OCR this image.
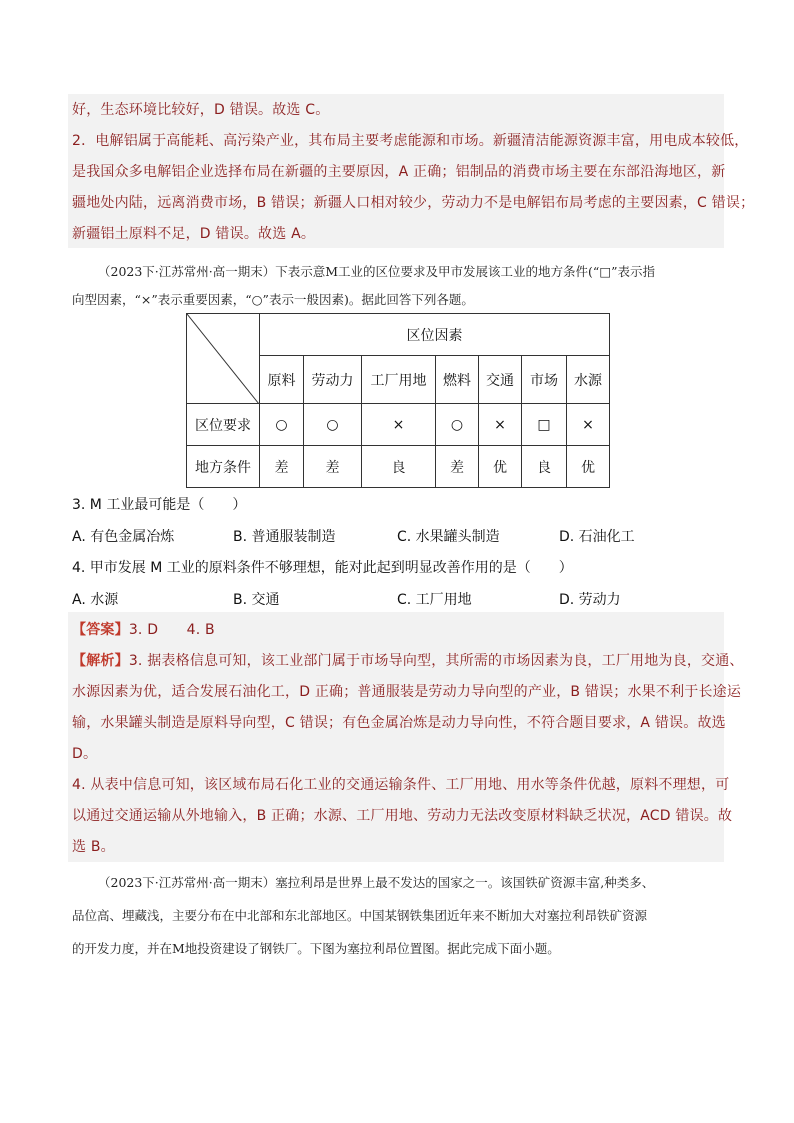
好，生态环境比较好，D 错误。故选 C。

2．电解铝属于高能耗、高污染产业，其布局主要考虑能源和市场。新疆清洁能源资源丰富，用电成本较低，

是我国众多电解铝企业选择布局在新疆的主要原因，A 正确；铝制品的消费市场主要在东部沿海地区，新

疆地处内陆，远离消费市场，B 错误；新疆人口相对较少，劳动力不是电解铝布局考虑的主要因素，C 错误；

新疆铝土原料不足，D 错误。故选 A。

（2023下·江苏常州·高一期末）下表示意M工业的区位要求及甲市发展该工业的地方条件(“□”表示指
向型因素，“×”表示重要因素，“○”表示一般因素)。据此回答下列各题。
	区位因素						
	原料	劳动力	工厂用地	燃料	交通	市场	水源
区位要求	○	○	×	○	×	□	×
地方条件	差	差	良	差	优	良	优
3. M 工业最可能是（　　）
A. 有色金属冶炼	B. 普通服装制造	C. 水果罐头制造	D. 石油化工
4. 甲市发展 M 工业的原料条件不够理想，能对此起到明显改善作用的是（　　）
A. 水源	B. 交通	C. 工厂用地	D. 劳动力

【答案】3. D　　4. B

【解析】3. 据表格信息可知，该工业部门属于市场导向型，其所需的市场因素为良，工厂用地为良，交通、

水源因素为优，适合发展石油化工，D 正确；普通服装是劳动力导向型的产业，B 错误；水果不利于长途运

输，水果罐头制造是原料导向型，C 错误；有色金属冶炼是动力导向性，不符合题目要求，A 错误。故选

D。

4. 从表中信息可知，该区域布局石化工业的交通运输条件、工厂用地、用水等条件优越，原料不理想，可

以通过交通运输从外地输入，B 正确；水源、工厂用地、劳动力无法改变原材料缺乏状况，ACD 错误。故

选 B。

（2023下·江苏常州·高一期末）塞拉利昂是世界上最不发达的国家之一。该国铁矿资源丰富,种类多、
品位高、埋藏浅，主要分布在中北部和东北部地区。中国某钢铁集团近年来不断加大对塞拉利昂铁矿资源
的开发力度，并在M地投资建设了钢铁厂。下图为塞拉利昂位置图。据此完成下面小题。
